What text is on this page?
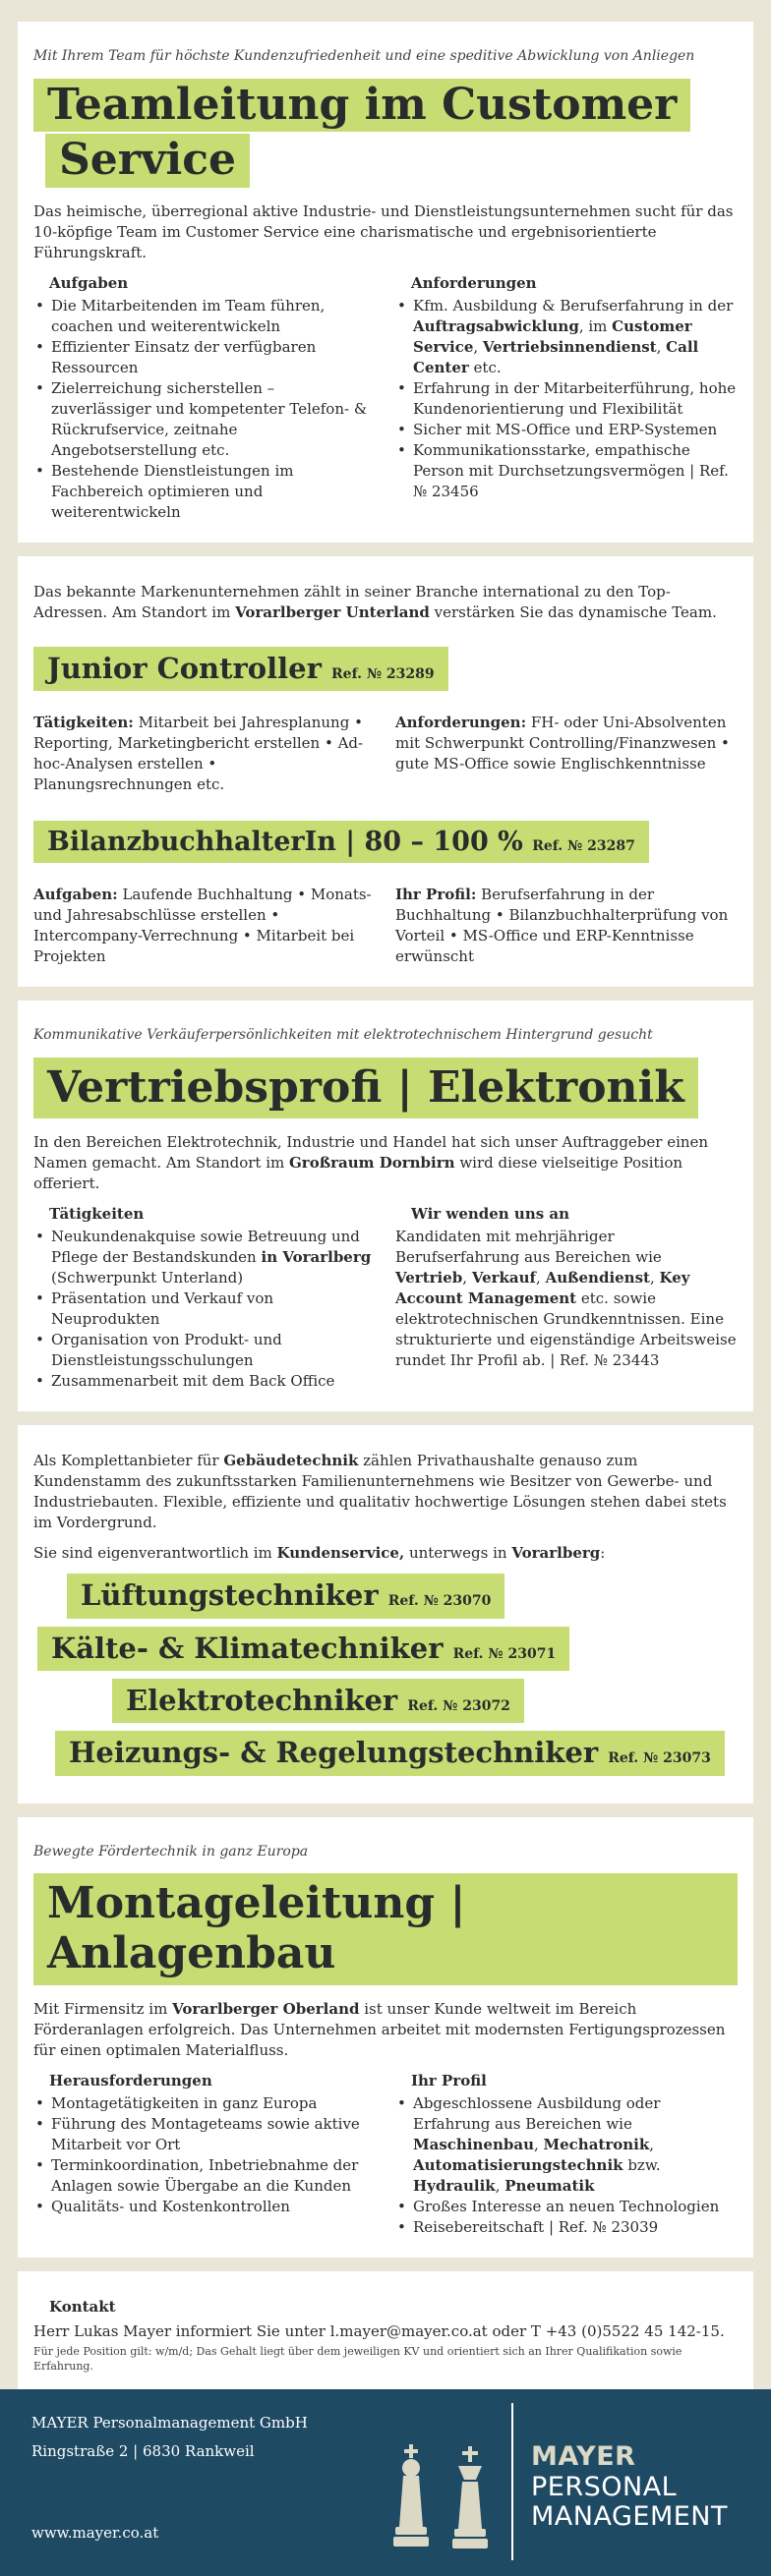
Mit Ihrem Team für höchste Kundenzufriedenheit und eine speditive Abwicklung von Anliegen
Teamleitung im Customer
Service

Das heimische, überregional aktive Industrie- und Dienstleistungsunternehmen sucht für das 10-köpfige Team im Customer Service eine charismatische und ergebnisorientierte Führungskraft.

Aufgaben
• Die Mitarbeitenden im Team führen, coachen und weiterentwickeln
• Effizienter Einsatz der verfügbaren Ressourcen
• Zielerreichung sicherstellen – zuverlässiger und kompetenter Telefon- & Rückrufservice, zeitnahe Angebotserstellung etc.
• Bestehende Dienstleistungen im Fachbereich optimieren und weiterentwickeln
Anforderungen
• Kfm. Ausbildung & Berufserfahrung in der Auftragsabwicklung, im Customer Service, Vertriebsinnendienst, Call Center etc.
• Erfahrung in der Mitarbeiterführung, hohe Kundenorientierung und Flexibilität
• Sicher mit MS-Office und ERP-Systemen
• Kommunikationsstarke, empathische Person mit Durchsetzungsvermögen | Ref. № 23456

Das bekannte Markenunternehmen zählt in seiner Branche international zu den Top-Adressen. Am Standort im Vorarlberger Unterland verstärken Sie das dynamische Team.

Junior Controller Ref. № 23289

Tätigkeiten: Mitarbeit bei Jahresplanung • Reporting, Marketingbericht erstellen • Ad-hoc-Analysen erstellen • Planungsrechnungen etc.

Anforderungen: FH- oder Uni-Absolventen mit Schwerpunkt Controlling/Finanzwesen • gute MS-Office sowie Englischkenntnisse

BilanzbuchhalterIn | 80 – 100 % Ref. № 23287

Aufgaben: Laufende Buchhaltung • Monats- und Jahresabschlüsse erstellen • Intercompany-Verrechnung • Mitarbeit bei Projekten

Ihr Profil: Berufserfahrung in der Buchhaltung • Bilanzbuchhalterprüfung von Vorteil • MS-Office und ERP-Kenntnisse erwünscht

Kommunikative Verkäuferpersönlichkeiten mit elektrotechnischem Hintergrund gesucht
Vertriebsprofi | Elektronik

In den Bereichen Elektrotechnik, Industrie und Handel hat sich unser Auftraggeber einen Namen gemacht. Am Standort im Großraum Dornbirn wird diese vielseitige Position offeriert.

Tätigkeiten
• Neukundenakquise sowie Betreuung und Pflege der Bestandskunden in Vorarlberg (Schwerpunkt Unterland)
• Präsentation und Verkauf von Neuprodukten
• Organisation von Produkt- und Dienstleistungsschulungen
• Zusammenarbeit mit dem Back Office
Wir wenden uns an

Kandidaten mit mehrjähriger Berufserfahrung aus Bereichen wie Vertrieb, Verkauf, Außendienst, Key Account Management etc. sowie elektrotechnischen Grundkenntnissen. Eine strukturierte und eigenständige Arbeitsweise rundet Ihr Profil ab. | Ref. № 23443

Als Komplettanbieter für Gebäudetechnik zählen Privathaushalte genauso zum Kundenstamm des zukunftsstarken Familienunternehmens wie Besitzer von Gewerbe- und Industriebauten. Flexible, effiziente und qualitativ hochwertige Lösungen stehen dabei stets im Vordergrund.

Sie sind eigenverantwortlich im Kundenservice, unterwegs in Vorarlberg:

Lüftungstechniker Ref. № 23070
Kälte- & Klimatechniker Ref. № 23071
Elektrotechniker Ref. № 23072
Heizungs- & Regelungstechniker Ref. № 23073
Bewegte Fördertechnik in ganz Europa
Montageleitung | Anlagenbau

Mit Firmensitz im Vorarlberger Oberland ist unser Kunde weltweit im Bereich Förderanlagen erfolgreich. Das Unternehmen arbeitet mit modernsten Fertigungsprozessen für einen optimalen Materialfluss.

Herausforderungen
• Montagetätigkeiten in ganz Europa
• Führung des Montageteams sowie aktive Mitarbeit vor Ort
• Terminkoordination, Inbetriebnahme der Anlagen sowie Übergabe an die Kunden
• Qualitäts- und Kostenkontrollen
Ihr Profil
• Abgeschlossene Ausbildung oder Erfahrung aus Bereichen wie Maschinenbau, Mechatronik, Automatisierungstechnik bzw. Hydraulik, Pneumatik
• Großes Interesse an neuen Technologien
• Reisebereitschaft | Ref. № 23039
Kontakt

Herr Lukas Mayer informiert Sie unter l.mayer@mayer.co.at oder T +43 (0)5522 45 142-15.

Für jede Position gilt: w/m/d; Das Gehalt liegt über dem jeweiligen KV und orientiert sich an Ihrer Qualifikation sowie Erfahrung.

MAYER Personalmanagement GmbH
Ringstraße 2 | 6830 Rankweil
www.mayer.co.at
MAYER
PERSONAL
MANAGEMENT
